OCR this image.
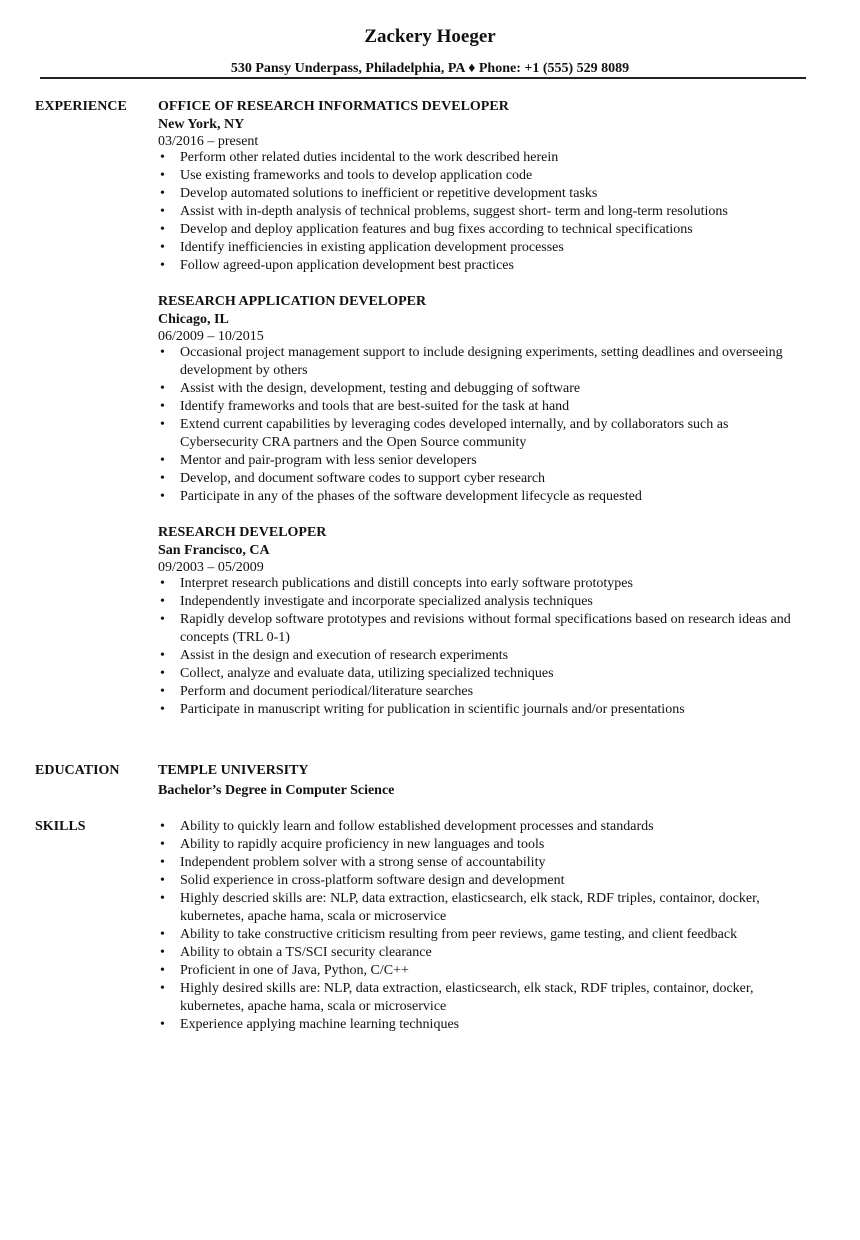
Zackery Hoeger
530 Pansy Underpass, Philadelphia, PA ♦ Phone: +1 (555) 529 8089
EXPERIENCE OFFICE OF RESEARCH INFORMATICS DEVELOPER
New York, NY
03/2016 – present
• Perform other related duties incidental to the work described herein
• Use existing frameworks and tools to develop application code
• Develop automated solutions to inefficient or repetitive development tasks
• Assist with in-depth analysis of technical problems, suggest short- term and long-term resolutions
• Develop and deploy application features and bug fixes according to technical specifications
• Identify inefficiencies in existing application development processes
• Follow agreed-upon application development best practices
RESEARCH APPLICATION DEVELOPER
Chicago, IL
06/2009 – 10/2015
• Occasional project management support to include designing experiments, setting deadlines and overseeing development by others
• Assist with the design, development, testing and debugging of software
• Identify frameworks and tools that are best-suited for the task at hand
• Extend current capabilities by leveraging codes developed internally, and by collaborators such as Cybersecurity CRA partners and the Open Source community
• Mentor and pair-program with less senior developers
• Develop, and document software codes to support cyber research
• Participate in any of the phases of the software development lifecycle as requested
RESEARCH DEVELOPER
San Francisco, CA
09/2003 – 05/2009
• Interpret research publications and distill concepts into early software prototypes
• Independently investigate and incorporate specialized analysis techniques
• Rapidly develop software prototypes and revisions without formal specifications based on research ideas and concepts (TRL 0-1)
• Assist in the design and execution of research experiments
• Collect, analyze and evaluate data, utilizing specialized techniques
• Perform and document periodical/literature searches
• Participate in manuscript writing for publication in scientific journals and/or presentations
EDUCATION	TEMPLE UNIVERSITY
Bachelor’s Degree in Computer Science
SKILLS
•	Ability to quickly learn and follow established development processes and standards
• Ability to rapidly acquire proficiency in new languages and tools
• Independent problem solver with a strong sense of accountability
• Solid experience in cross-platform software design and development
• Highly descried skills are: NLP, data extraction, elasticsearch, elk stack, RDF triples, containor, docker, kubernetes, apache hama, scala or microservice
• Ability to take constructive criticism resulting from peer reviews, game testing, and client feedback
• Ability to obtain a TS/SCI security clearance
• Proficient in one of Java, Python, C/C++
• Highly desired skills are: NLP, data extraction, elasticsearch, elk stack, RDF triples, containor, docker, kubernetes, apache hama, scala or microservice
• Experience applying machine learning techniques
